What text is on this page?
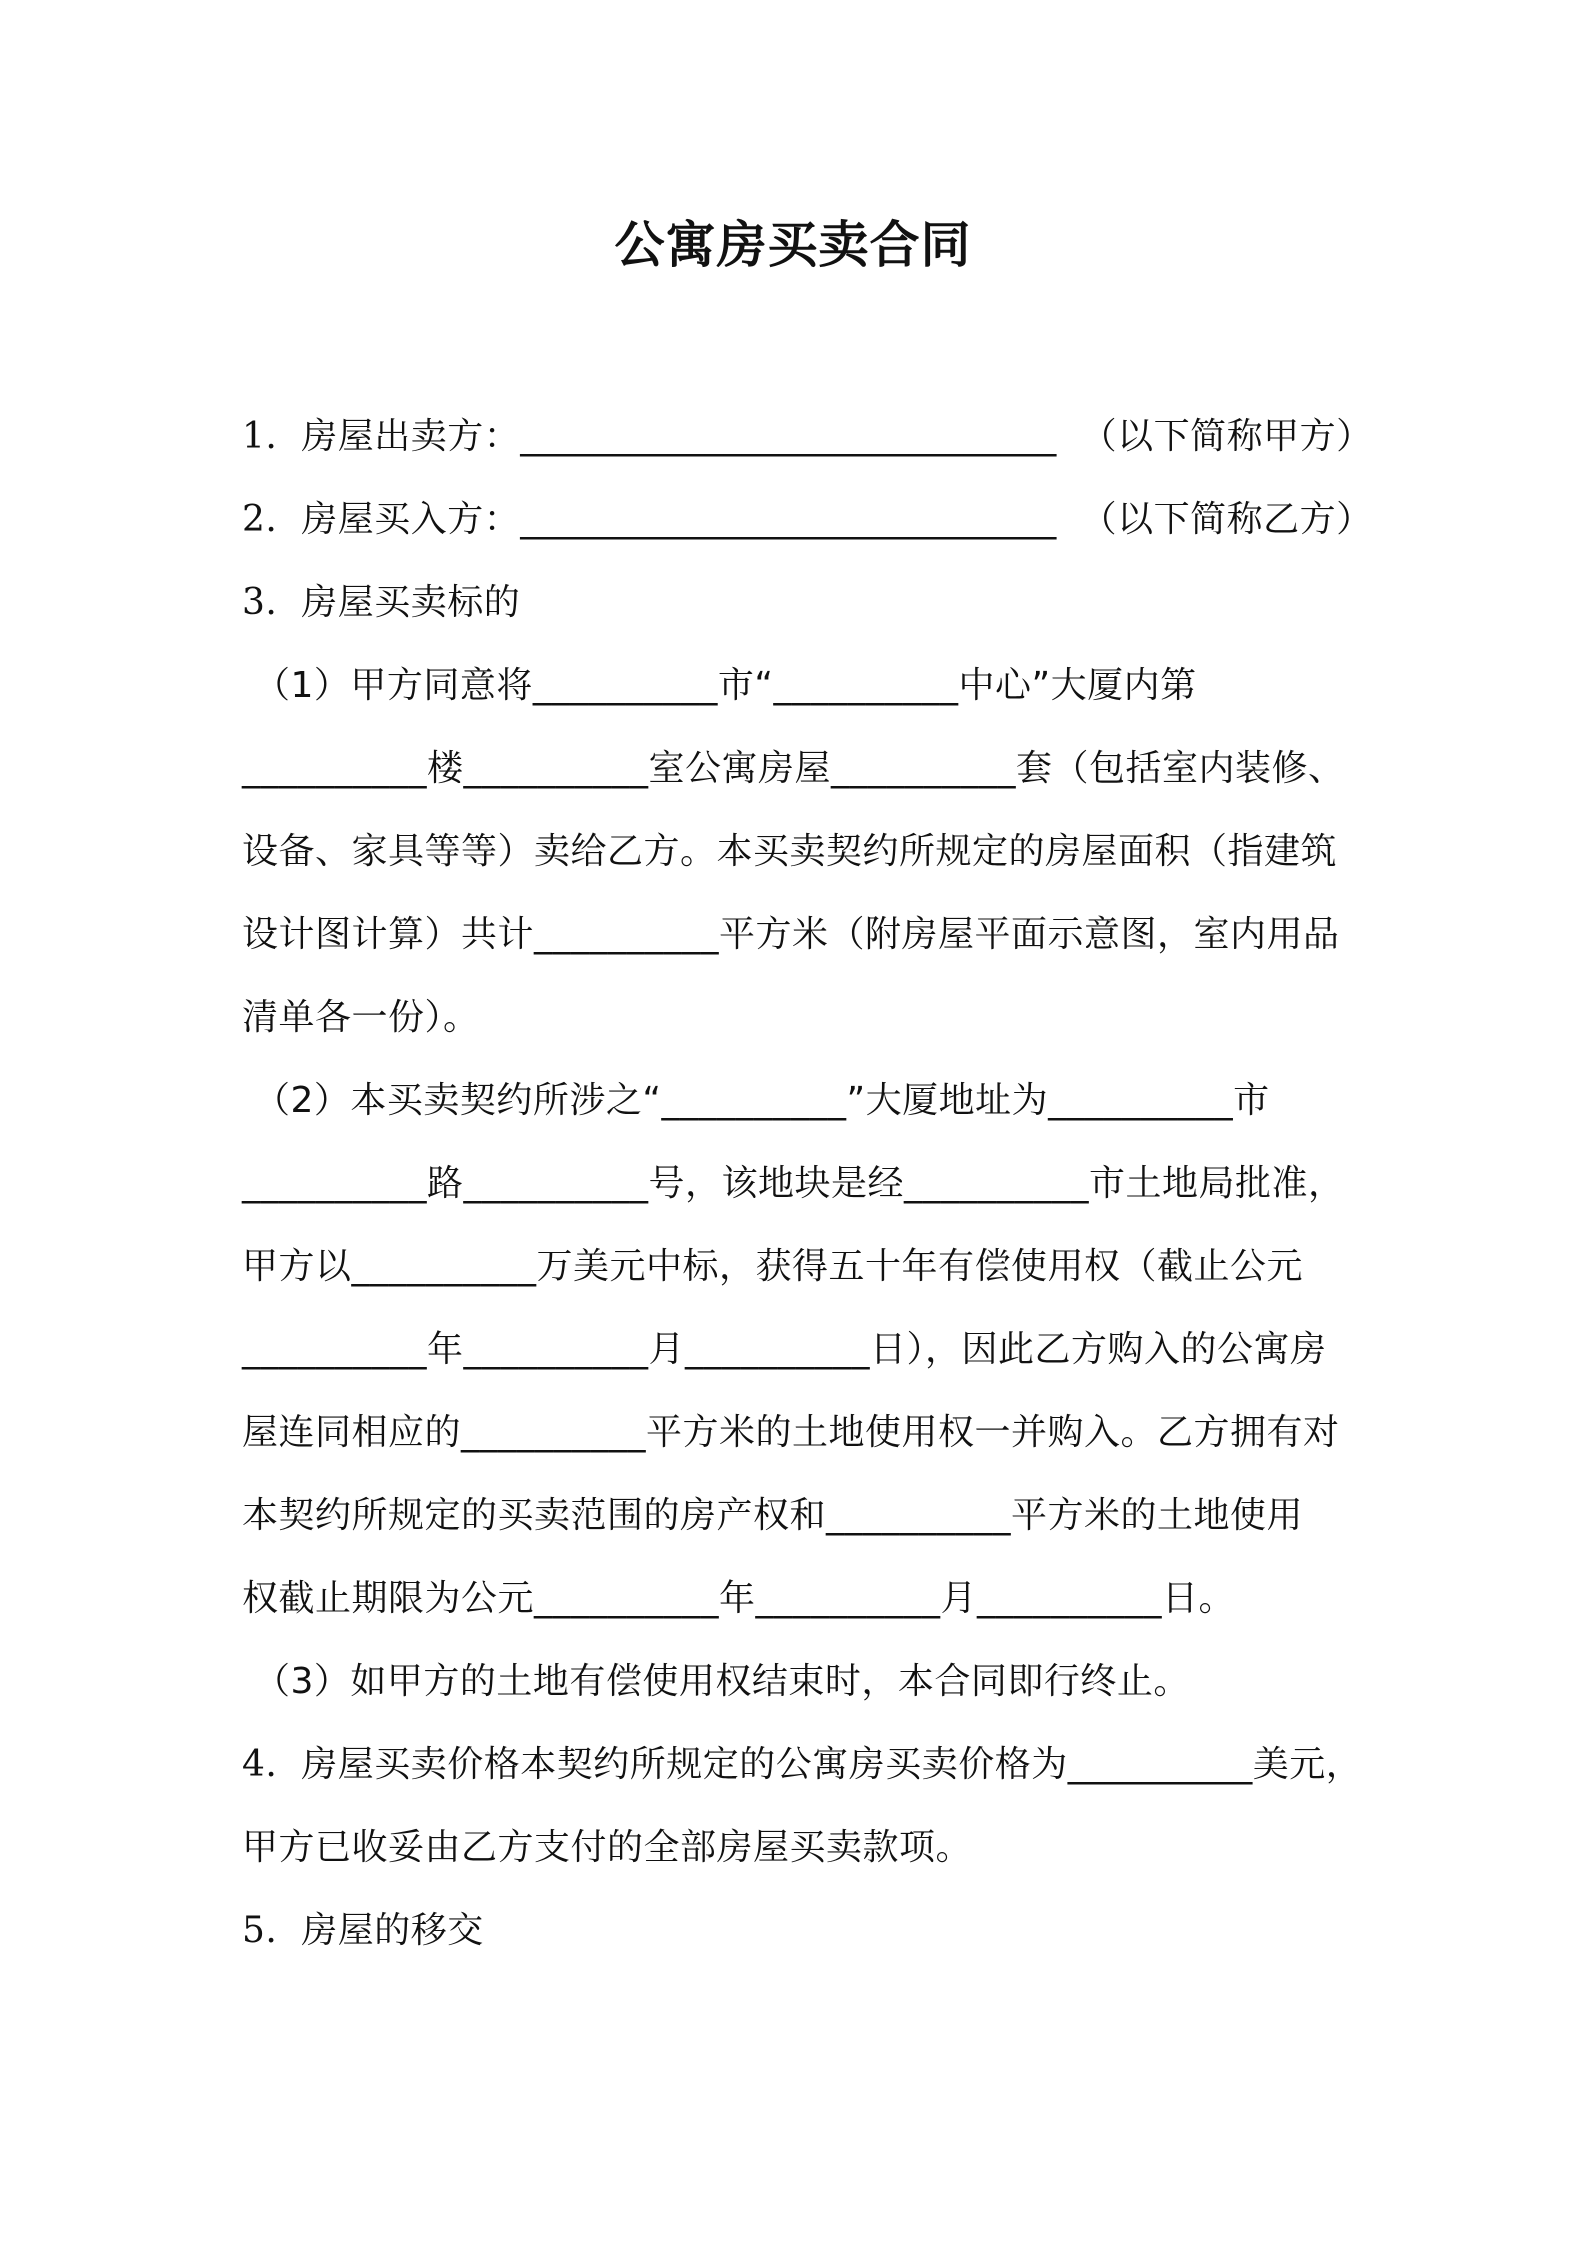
公寓房买卖合同
1.  房屋出卖方：_____________________________  （以下简称甲方）
2.  房屋买入方：_____________________________  （以下简称乙方）
3.  房屋买卖标的
（1）甲方同意将__________市“__________中心”大厦内第
__________楼__________室公寓房屋__________套（包括室内装修、
设备、家具等等）卖给乙方。本买卖契约所规定的房屋面积（指建筑
设计图计算）共计__________平方米（附房屋平面示意图，室内用品
清单各一份）。
（2）本买卖契约所涉之“__________”大厦地址为__________市
__________路__________号，该地块是经__________市土地局批准，
甲方以__________万美元中标，获得五十年有偿使用权（截止公元
__________年__________月__________日），因此乙方购入的公寓房
屋连同相应的__________平方米的土地使用权一并购入。乙方拥有对
本契约所规定的买卖范围的房产权和__________平方米的土地使用
权截止期限为公元__________年__________月__________日。
（3）如甲方的土地有偿使用权结束时，本合同即行终止。
4.  房屋买卖价格本契约所规定的公寓房买卖价格为__________美元，
甲方已收妥由乙方支付的全部房屋买卖款项。
5.  房屋的移交
